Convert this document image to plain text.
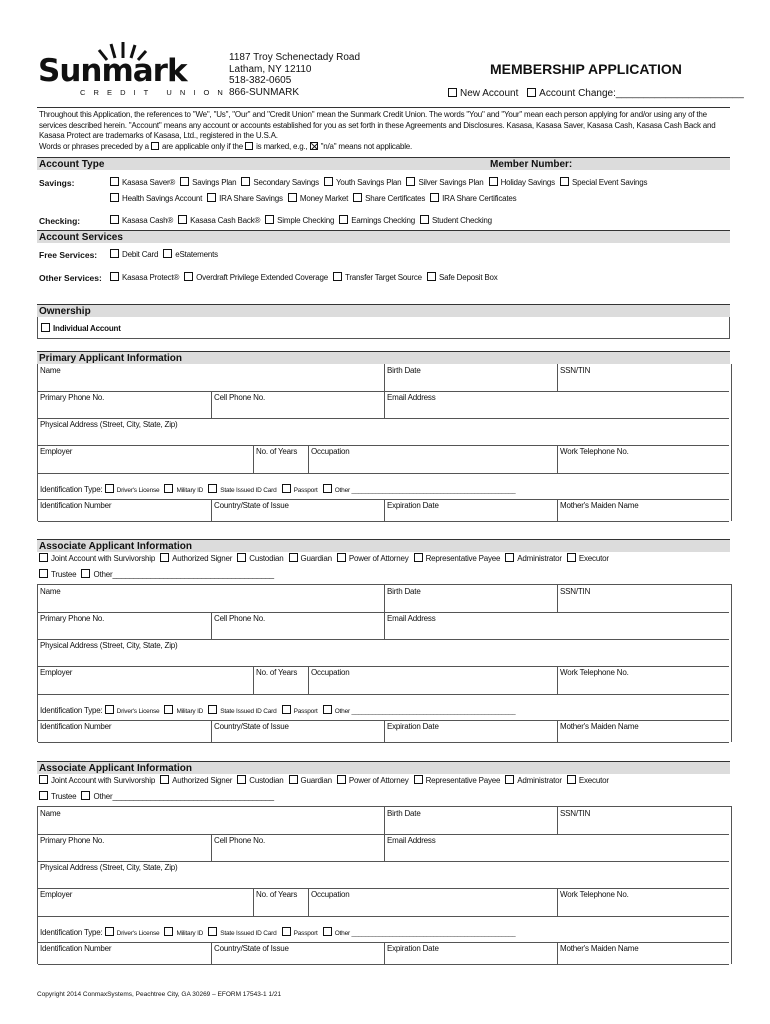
Sunmark
C R E D I T   U N I O N
1187 Troy Schenectady Road
Latham, NY 12110
518-382-0605
866-SUNMARK
MEMBERSHIP APPLICATION
New Account Account Change:_______________________
Throughout this Application, the references to "We", "Us", "Our" and "Credit Union" mean the Sunmark Credit Union. The words "You" and "Your" mean each person applying for and/or using any of the services described herein. "Account" means any account or accounts established for you as set forth in these Agreements and Disclosures. Kasasa, Kasasa Saver, Kasasa Cash, Kasasa Cash Back and Kasasa Protect are trademarks of Kasasa, Ltd., registered in the U.S.A.
Words or phrases preceded by a are applicable only if the is marked, e.g., "n/a" means not applicable.
Account Type	Member Number:
Savings:	Kasasa Saver® Savings Plan Secondary Savings Youth Savings Plan Silver Savings Plan Holiday Savings Special Event Savings
Health Savings Account IRA Share Savings Money Market Share Certificates IRA Share Certificates
Checking:	Kasasa Cash® Kasasa Cash Back® Simple Checking Earnings Checking Student Checking
Account Services
Free Services:	Debit Card eStatements
Other Services:	Kasasa Protect® Overdraft Privilege Extended Coverage Transfer Target Source Safe Deposit Box
Ownership
Individual Account
Primary Applicant Information
Name	Birth Date	SSN/TIN
Primary Phone No.	Cell Phone No.	Email Address
Physical Address (Street, City, State, Zip)
Employer	No. of Years	Occupation	Work Telephone No.
Identification Type: Driver's License	Military ID	State Issued ID Card	Passport	Other ________________________________________________
Identification Number	Country/State of Issue	Expiration Date	Mother's Maiden Name
Associate Applicant Information
Joint Account with Survivorship Authorized Signer Custodian Guardian Power of Attorney Representative Payee Administrator Executor
Trustee Other______________________________________
Name	Birth Date	SSN/TIN
Primary Phone No.	Cell Phone No.	Email Address
Physical Address (Street, City, State, Zip)
Employer	No. of Years	Occupation	Work Telephone No.
Identification Type: Driver's License	Military ID	State Issued ID Card	Passport	Other ________________________________________________
Identification Number	Country/State of Issue	Expiration Date	Mother's Maiden Name
Associate Applicant Information
Joint Account with Survivorship Authorized Signer Custodian Guardian Power of Attorney Representative Payee Administrator Executor
Trustee Other______________________________________
Name	Birth Date	SSN/TIN
Primary Phone No.	Cell Phone No.	Email Address
Physical Address (Street, City, State, Zip)
Employer	No. of Years	Occupation	Work Telephone No.
Identification Type: Driver's License	Military ID	State Issued ID Card	Passport	Other ________________________________________________
Identification Number	Country/State of Issue	Expiration Date	Mother's Maiden Name
Copyright 2014 ConmaxSystems, Peachtree City, GA 30269 – EFORM 17543-1 1/21
